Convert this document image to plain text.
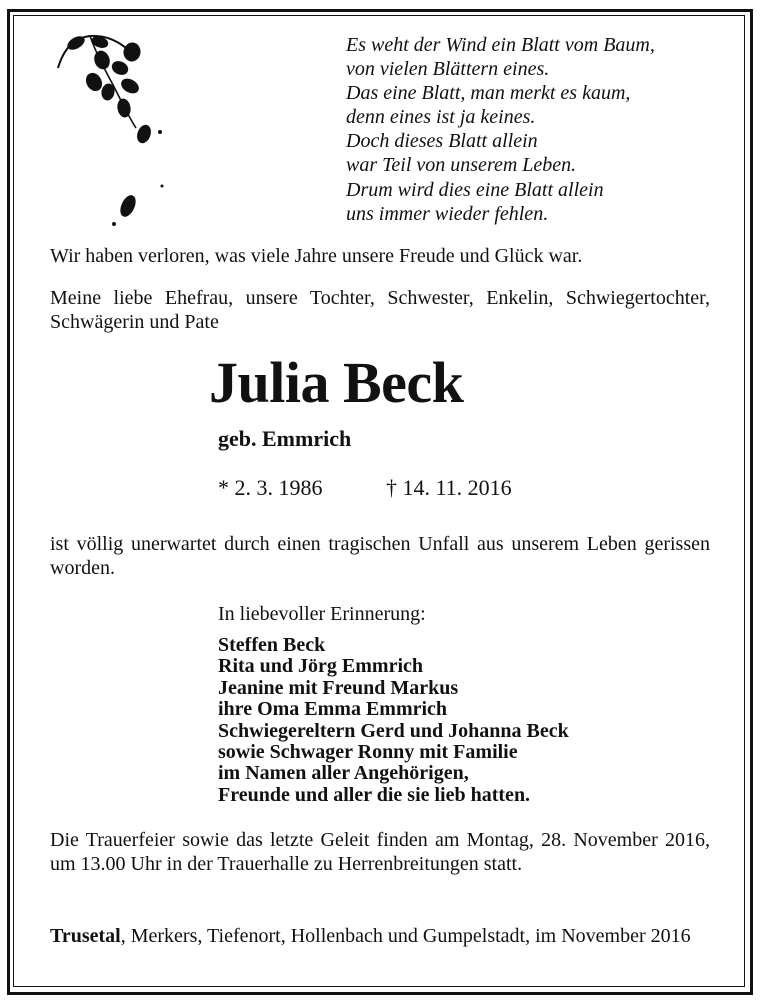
Es weht der Wind ein Blatt vom Baum,
von vielen Blättern eines.
Das eine Blatt, man merkt es kaum,
denn eines ist ja keines.
Doch dieses Blatt allein
war Teil von unserem Leben.
Drum wird dies eine Blatt allein
uns immer wieder fehlen.
Wir haben verloren, was viele Jahre unsere Freude und Glück war.
Meine liebe Ehefrau, unsere Tochter, Schwester, Enkelin, Schwiegertochter, Schwägerin und Pate
Julia Beck
geb. Emmrich
* 2. 3. 1986	† 14. 11. 2016
ist völlig unerwartet durch einen tragischen Unfall aus unserem Leben gerissen worden.
In liebevoller Erinnerung:
Steffen Beck
Rita und Jörg Emmrich
Jeanine mit Freund Markus
ihre Oma Emma Emmrich
Schwiegereltern Gerd und Johanna Beck
sowie Schwager Ronny mit Familie
im Namen aller Angehörigen,
Freunde und aller die sie lieb hatten.
Die Trauerfeier sowie das letzte Geleit finden am Montag, 28. November 2016, um 13.00 Uhr in der Trauerhalle zu Herrenbreitungen statt.
Trusetal, Merkers, Tiefenort, Hollenbach und Gumpelstadt, im November 2016
